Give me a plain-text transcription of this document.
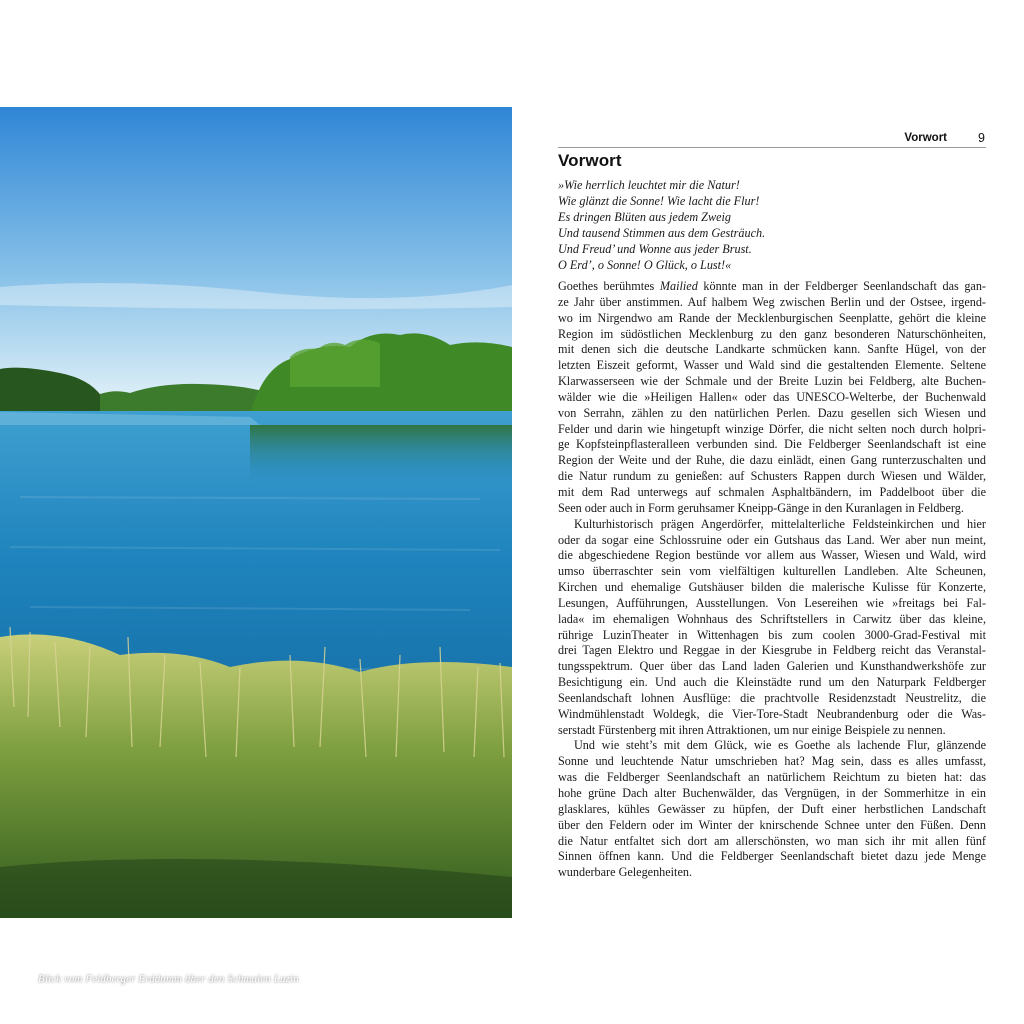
Blick vom Feldberger Erddamm über den Schmalen Luzin
Vorwort 9
Vorwort
»Wie herrlich leuchtet mir die Natur!
Wie glänzt die Sonne! Wie lacht die Flur!
Es dringen Blüten aus jedem Zweig
Und tausend Stimmen aus dem Gesträuch.
Und Freud’ und Wonne aus jeder Brust.
O Erd’, o Sonne! O Glück, o Lust!«
Goethes berühmtes Mailied könnte man in der Feldberger Seenlandschaft das gan-
ze Jahr über anstimmen. Auf halbem Weg zwischen Berlin und der Ostsee, irgend-
wo im Nirgendwo am Rande der Mecklenburgischen Seenplatte, gehört die kleine
Region im südöstlichen Mecklenburg zu den ganz besonderen Naturschönheiten,
mit denen sich die deutsche Landkarte schmücken kann. Sanfte Hügel, von der
letzten Eiszeit geformt, Wasser und Wald sind die gestaltenden Elemente. Seltene
Klarwasserseen wie der Schmale und der Breite Luzin bei Feldberg, alte Buchen-
wälder wie die »Heiligen Hallen« oder das UNESCO-Welterbe, der Buchenwald
von Serrahn, zählen zu den natürlichen Perlen. Dazu gesellen sich Wiesen und
Felder und darin wie hingetupft winzige Dörfer, die nicht selten noch durch holpri-
ge Kopfsteinpflasteralleen verbunden sind. Die Feldberger Seenlandschaft ist eine
Region der Weite und der Ruhe, die dazu einlädt, einen Gang runterzuschalten und
die Natur rundum zu genießen: auf Schusters Rappen durch Wiesen und Wälder,
mit dem Rad unterwegs auf schmalen Asphaltbändern, im Paddelboot über die
Seen oder auch in Form geruhsamer Kneipp-Gänge in den Kuranlagen in Feldberg.
Kulturhistorisch prägen Angerdörfer, mittelalterliche Feldsteinkirchen und hier
oder da sogar eine Schlossruine oder ein Gutshaus das Land. Wer aber nun meint,
die abgeschiedene Region bestünde vor allem aus Wasser, Wiesen und Wald, wird
umso überraschter sein vom vielfältigen kulturellen Landleben. Alte Scheunen,
Kirchen und ehemalige Gutshäuser bilden die malerische Kulisse für Konzerte,
Lesungen, Aufführungen, Ausstellungen. Von Lesereihen wie »freitags bei Fal-
lada« im ehemaligen Wohnhaus des Schriftstellers in Carwitz über das kleine,
rührige LuzinTheater in Wittenhagen bis zum coolen 3000-Grad-Festival mit
drei Tagen Elektro und Reggae in der Kiesgrube in Feldberg reicht das Veranstal-
tungsspektrum. Quer über das Land laden Galerien und Kunsthandwerkshöfe zur
Besichtigung ein. Und auch die Kleinstädte rund um den Naturpark Feldberger
Seenlandschaft lohnen Ausflüge: die prachtvolle Residenzstadt Neustrelitz, die
Windmühlenstadt Woldegk, die Vier-Tore-Stadt Neubrandenburg oder die Was-
serstadt Fürstenberg mit ihren Attraktionen, um nur einige Beispiele zu nennen.
Und wie steht’s mit dem Glück, wie es Goethe als lachende Flur, glänzende
Sonne und leuchtende Natur umschrieben hat? Mag sein, dass es alles umfasst,
was die Feldberger Seenlandschaft an natürlichem Reichtum zu bieten hat: das
hohe grüne Dach alter Buchenwälder, das Vergnügen, in der Sommerhitze in ein
glasklares, kühles Gewässer zu hüpfen, der Duft einer herbstlichen Landschaft
über den Feldern oder im Winter der knirschende Schnee unter den Füßen. Denn
die Natur entfaltet sich dort am allerschönsten, wo man sich ihr mit allen fünf
Sinnen öffnen kann. Und die Feldberger Seenlandschaft bietet dazu jede Menge
wunderbare Gelegenheiten.
